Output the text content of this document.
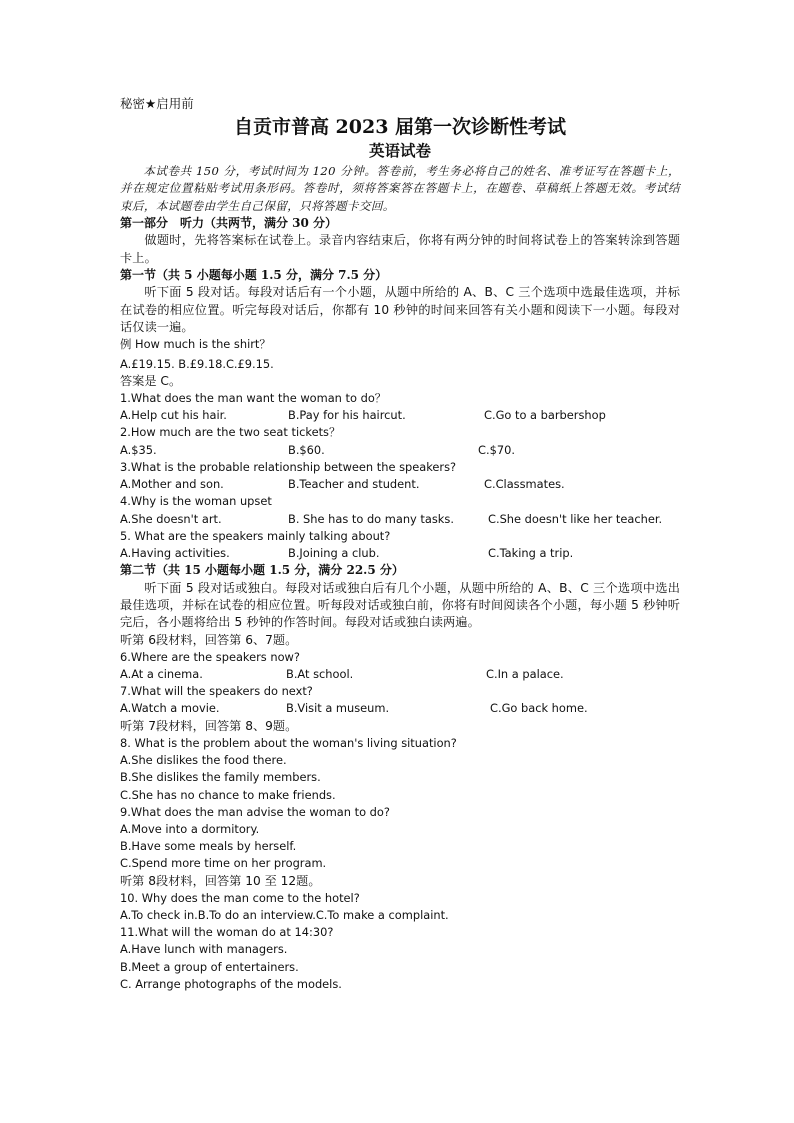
秘密★启用前
自贡市普高 2023 届第一次诊断性考试
英语试卷
本试卷共 150 分，考试时间为 120 分钟。答卷前，考生务必将自己的姓名、准考证写在答题卡上，并在规定位置粘贴考试用条形码。答卷时，须将答案答在答题卡上，在题卷、草稿纸上答题无效。考试结束后，本试题卷由学生自己保留，只将答题卡交回。
第一部分　听力（共两节，满分 30 分）
做题时，先将答案标在试卷上。录音内容结束后，你将有两分钟的时间将试卷上的答案转涂到答题卡上。
第一节（共 5 小题每小题 1.5 分，满分 7.5 分）
听下面 5 段对话。每段对话后有一个小题，从题中所给的 A、B、C 三个选项中选最佳选项，并标在试卷的相应位置。听完每段对话后，你都有 10 秒钟的时间来回答有关小题和阅读下一小题。每段对话仅读一遍。
例 How much is the shirt？
A.£19.15. B.£9.18.C.£9.15.
答案是 C。
1.What does the man want the woman to do？
A.Help cut his hair.	B.Pay for his haircut.	C.Go to a barbershop
2.How much are the two seat tickets？
A.$35.	B.$60.	C.$70.
3.What is the probable relationship between the speakers?
A.Mother and son.	B.Teacher and student.	C.Classmates.
4.Why is the woman upset
A.She doesn't art.	B. She has to do many tasks.	C.She doesn't like her teacher.
5. What are the speakers mainly talking about?
A.Having activities.	B.Joining a club.	C.Taking a trip.
第二节（共 15 小题每小题 1.5 分，满分 22.5 分）
听下面 5 段对话或独白。每段对话或独白后有几个小题，从题中所给的 A、B、C 三个选项中选出最佳选项，并标在试卷的相应位置。听每段对话或独白前，你将有时间阅读各个小题，每小题 5 秒钟听完后，各小题将给出 5 秒钟的作答时间。每段对话或独白读两遍。
听第 6段材料，回答第 6、7题。
6.Where are the speakers now?
A.At a cinema.	B.At school.	C.In a palace.
7.What will the speakers do next?
A.Watch a movie.	B.Visit a museum.	C.Go back home.
听第 7段材料，回答第 8、9题。
8. What is the problem about the woman's living situation?
A.She dislikes the food there.
B.She dislikes the family members.
C.She has no chance to make friends.
9.What does the man advise the woman to do?
A.Move into a dormitory.
B.Have some meals by herself.
C.Spend more time on her program.
听第 8段材料，回答第 10 至 12题。
10. Why does the man come to the hotel?
A.To check in.B.To do an interview.C.To make a complaint.
11.What will the woman do at 14:30?
A.Have lunch with managers.
B.Meet a group of entertainers.
C. Arrange photographs of the models.
